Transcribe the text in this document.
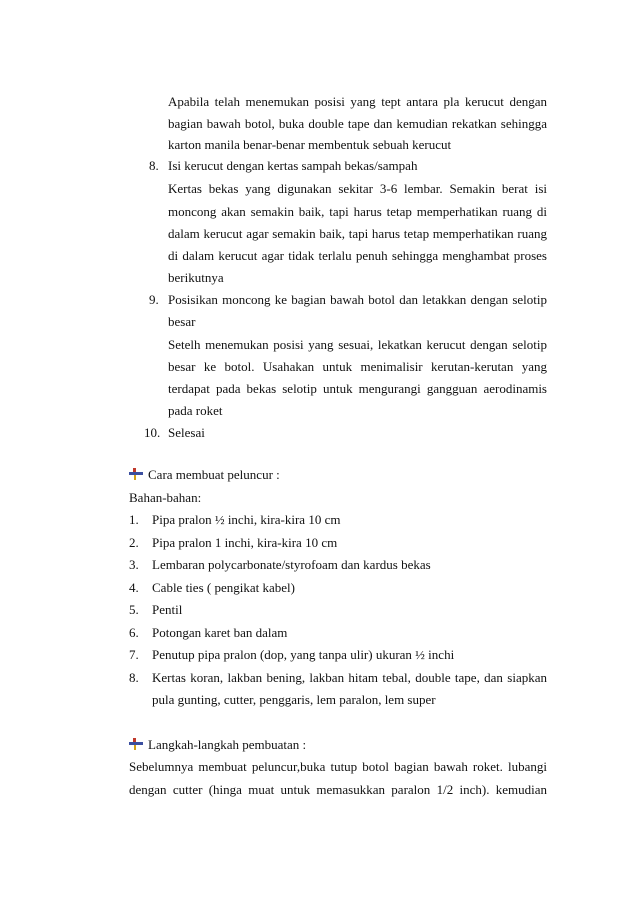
Apabila telah menemukan posisi yang tept antara pla kerucut dengan
bagian bawah botol, buka double tape dan kemudian rekatkan sehingga
karton manila benar-benar membentuk sebuah kerucut
8. Isi kerucut dengan kertas sampah bekas/sampah
Kertas bekas yang digunakan sekitar 3-6 lembar. Semakin berat isi
moncong akan semakin baik, tapi harus tetap memperhatikan ruang di
dalam kerucut agar semakin baik, tapi harus tetap memperhatikan ruang
di dalam kerucut agar tidak terlalu penuh sehingga menghambat proses
berikutnya
9. Posisikan moncong ke bagian bawah botol dan letakkan dengan selotip
besar
Setelh menemukan posisi yang sesuai, lekatkan kerucut dengan selotip
besar ke botol. Usahakan untuk menimalisir kerutan-kerutan yang
terdapat pada bekas selotip untuk mengurangi gangguan aerodinamis
pada roket
10. Selesai
Cara membuat peluncur :
Bahan-bahan:
1. Pipa pralon ½ inchi, kira-kira 10 cm
2. Pipa pralon 1 inchi, kira-kira 10 cm
3. Lembaran polycarbonate/styrofoam dan kardus bekas
4. Cable ties ( pengikat kabel)
5. Pentil
6. Potongan karet ban dalam
7. Penutup pipa pralon (dop, yang tanpa ulir) ukuran ½ inchi
8. Kertas koran, lakban bening, lakban hitam tebal, double tape, dan siapkan
pula gunting, cutter, penggaris, lem paralon, lem super
Langkah-langkah pembuatan :
Sebelumnya membuat peluncur,buka tutup botol bagian bawah roket. lubangi
dengan cutter (hinga muat untuk memasukkan paralon 1/2 inch). kemudian
